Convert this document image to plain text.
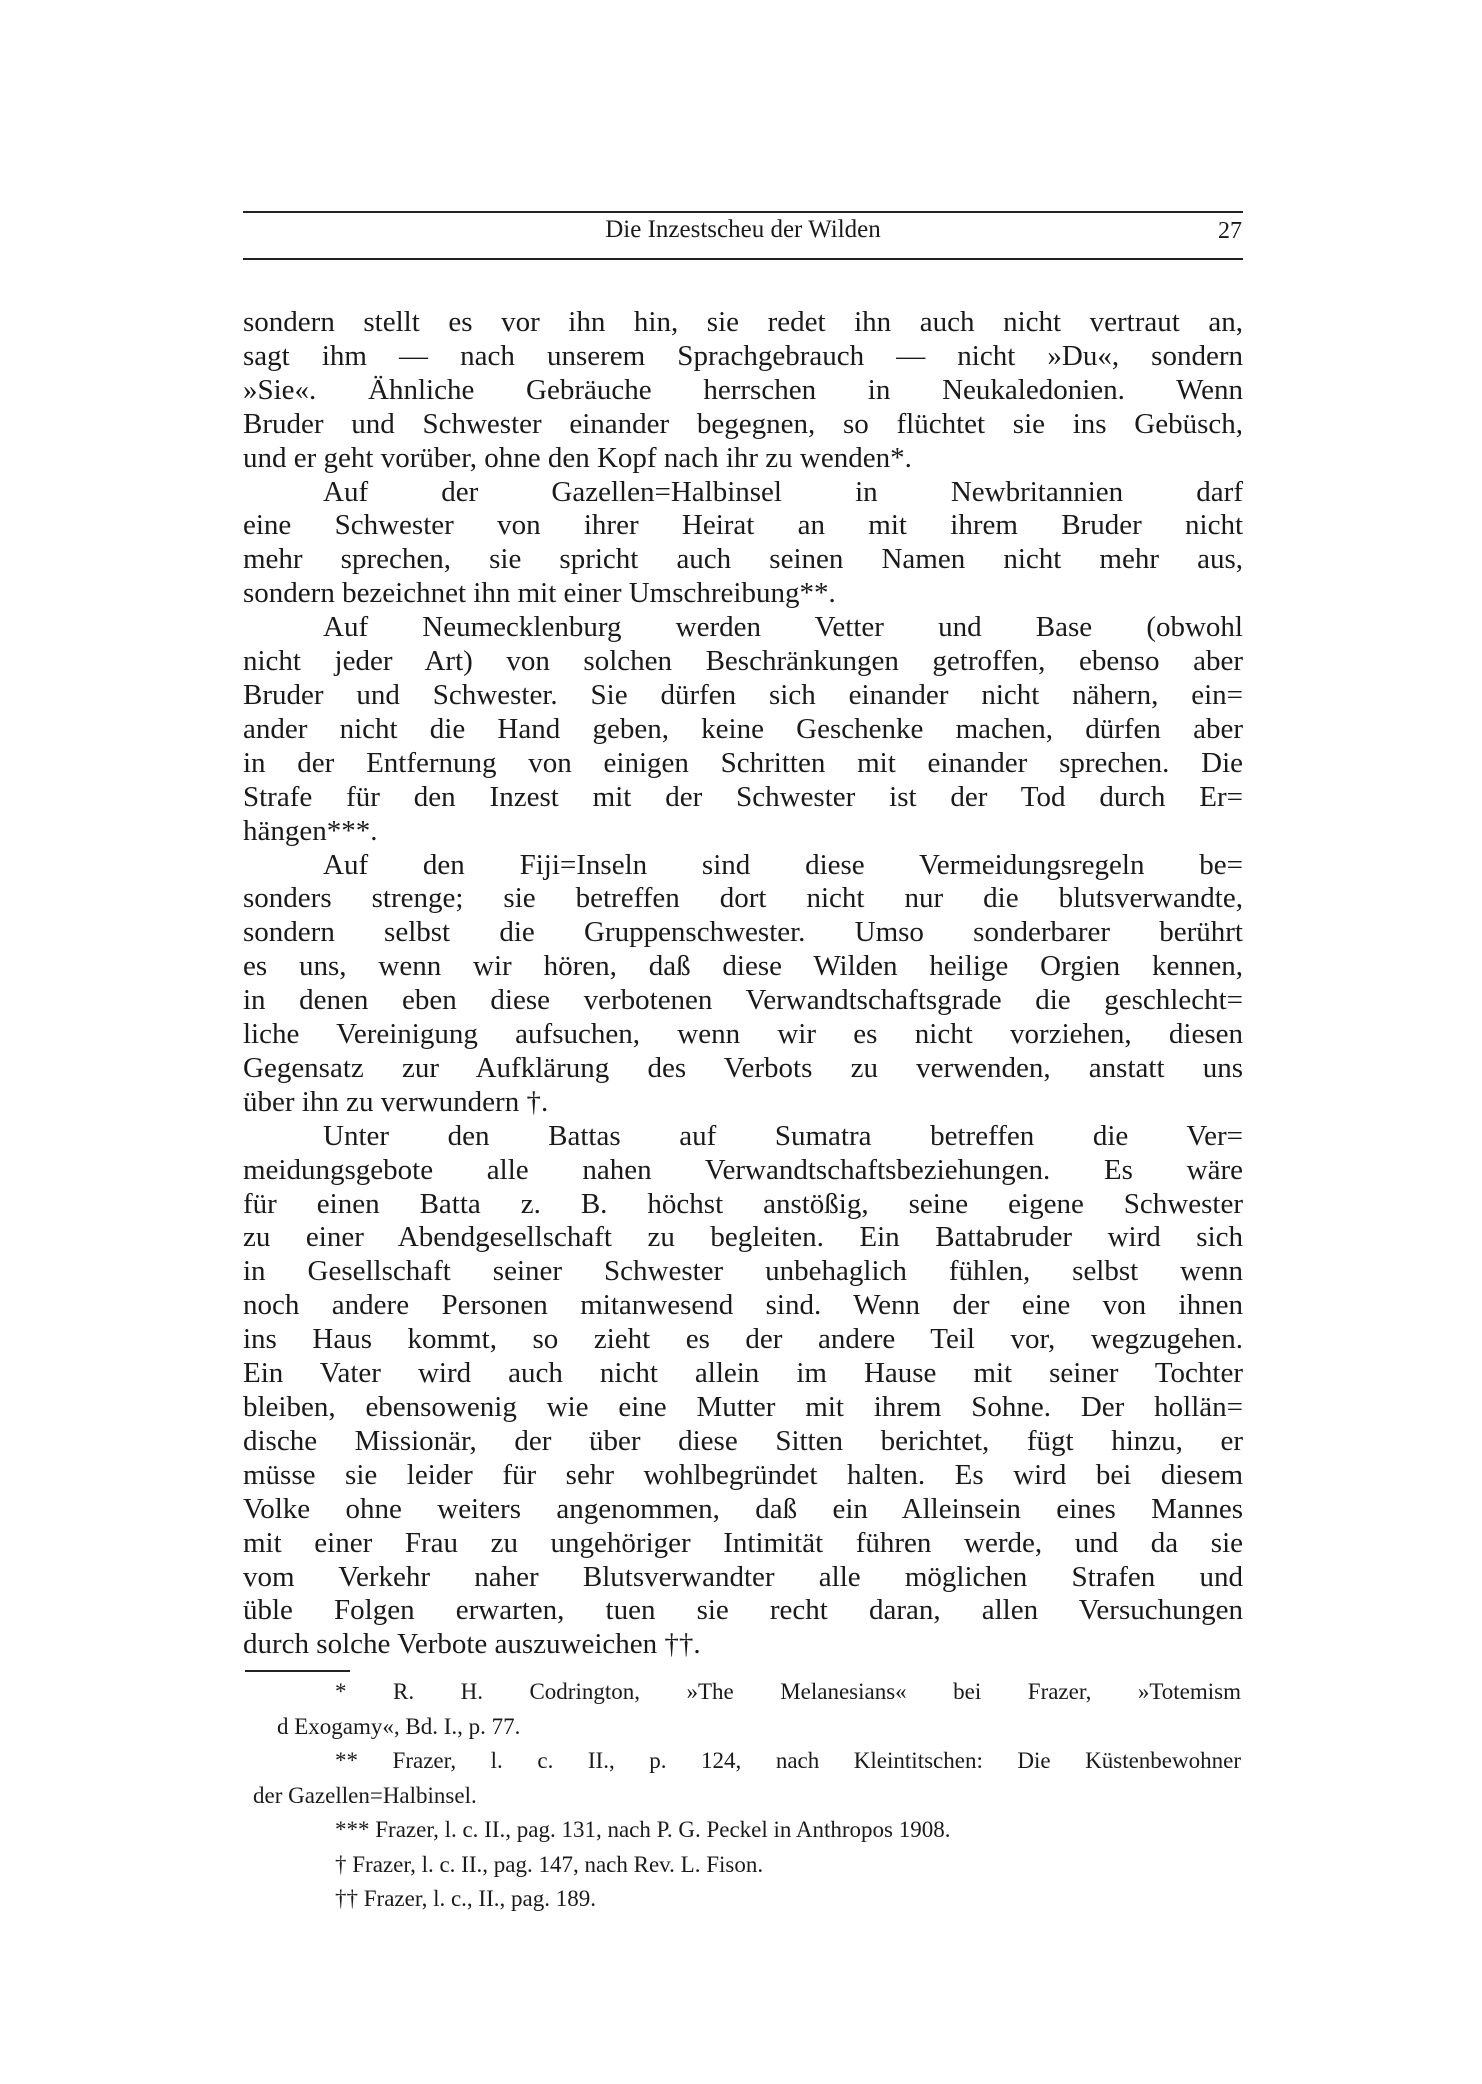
Die Inzestscheu der Wilden	27
sondern stellt es vor ihn hin, sie redet ihn auch nicht vertraut an,
sagt ihm — nach unserem Sprachgebrauch — nicht »Du«, sondern
»Sie«. Ähnliche Gebräuche herrschen in Neukaledonien. Wenn
Bruder und Schwester einander begegnen, so flüchtet sie ins Gebüsch,
und er geht vorüber, ohne den Kopf nach ihr zu wenden*.
Auf der Gazellen=Halbinsel in Newbritannien darf
eine Schwester von ihrer Heirat an mit ihrem Bruder nicht
mehr sprechen, sie spricht auch seinen Namen nicht mehr aus,
sondern bezeichnet ihn mit einer Umschreibung**.
Auf Neumecklenburg werden Vetter und Base (obwohl
nicht jeder Art) von solchen Beschränkungen getroffen, ebenso aber
Bruder und Schwester. Sie dürfen sich einander nicht nähern, ein=
ander nicht die Hand geben, keine Geschenke machen, dürfen aber
in der Entfernung von einigen Schritten mit einander sprechen. Die
Strafe für den Inzest mit der Schwester ist der Tod durch Er=
hängen***.
Auf den Fiji=Inseln sind diese Vermeidungsregeln be=
sonders strenge; sie betreffen dort nicht nur die blutsverwandte,
sondern selbst die Gruppenschwester. Umso sonderbarer berührt
es uns, wenn wir hören, daß diese Wilden heilige Orgien kennen,
in denen eben diese verbotenen Verwandtschaftsgrade die geschlecht=
liche Vereinigung aufsuchen, wenn wir es nicht vorziehen, diesen
Gegensatz zur Aufklärung des Verbots zu verwenden, anstatt uns
über ihn zu verwundern †.
Unter den Battas auf Sumatra betreffen die Ver=
meidungsgebote alle nahen Verwandtschaftsbeziehungen. Es wäre
für einen Batta z. B. höchst anstößig, seine eigene Schwester
zu einer Abendgesellschaft zu begleiten. Ein Battabruder wird sich
in Gesellschaft seiner Schwester unbehaglich fühlen, selbst wenn
noch andere Personen mitanwesend sind. Wenn der eine von ihnen
ins Haus kommt, so zieht es der andere Teil vor, wegzugehen.
Ein Vater wird auch nicht allein im Hause mit seiner Tochter
bleiben, ebensowenig wie eine Mutter mit ihrem Sohne. Der hollän=
dische Missionär, der über diese Sitten berichtet, fügt hinzu, er
müsse sie leider für sehr wohlbegründet halten. Es wird bei diesem
Volke ohne weiters angenommen, daß ein Alleinsein eines Mannes
mit einer Frau zu ungehöriger Intimität führen werde, und da sie
vom Verkehr naher Blutsverwandter alle möglichen Strafen und
üble Folgen erwarten, tuen sie recht daran, allen Versuchungen
durch solche Verbote auszuweichen ††.
* R. H. Codrington, »The Melanesians« bei Frazer, »Totemism
d Exogamy«, Bd. I., p. 77.
** Frazer, l. c. II., p. 124, nach Kleintitschen: Die Küstenbewohner
der Gazellen=Halbinsel.
*** Frazer, l. c. II., pag. 131, nach P. G. Peckel in Anthropos 1908.
† Frazer, l. c. II., pag. 147, nach Rev. L. Fison.
†† Frazer, l. c., II., pag. 189.
